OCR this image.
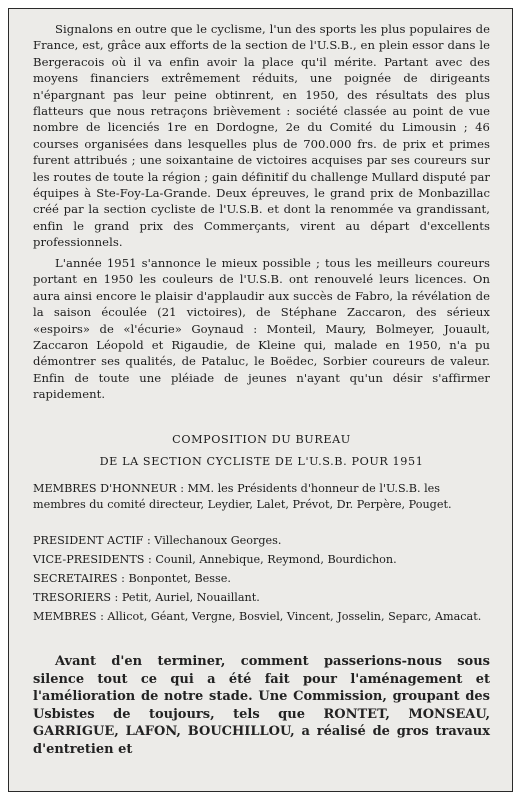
Signalons en outre que le cyclisme, l'un des sports les plus populaires de France, est, grâce aux efforts de la section de l'U.S.B., en plein essor dans le Bergeracois où il va enfin avoir la place qu'il mérite. Partant avec des moyens financiers extrêmement réduits, une poignée de dirigeants n'épargnant pas leur peine obtinrent, en 1950, des résultats des plus flatteurs que nous retraçons brièvement : société classée au point de vue nombre de licenciés 1re en Dordogne, 2e du Comité du Limousin ; 46 courses organisées dans lesquelles plus de 700.000 frs. de prix et primes furent attribués ; une soixantaine de victoires acquises par ses coureurs sur les routes de toute la région ; gain définitif du challenge Mullard disputé par équipes à Ste-Foy-La-Grande. Deux épreuves, le grand prix de Monbazillac créé par la section cycliste de l'U.S.B. et dont la renommée va grandissant, enfin le grand prix des Commerçants, virent au départ d'excellents professionnels.

L'année 1951 s'annonce le mieux possible ; tous les meilleurs coureurs portant en 1950 les couleurs de l'U.S.B. ont renouvelé leurs licences. On aura ainsi encore le plaisir d'applaudir aux succès de Fabro, la révélation de la saison écoulée (21 victoires), de Stéphane Zaccaron, des sérieux «espoirs» de «l'écurie» Goynaud : Monteil, Maury, Bolmeyer, Jouault, Zaccaron Léopold et Rigaudie, de Kleine qui, malade en 1950, n'a pu démontrer ses qualités, de Pataluc, le Boëdec, Sorbier coureurs de valeur. Enfin de toute une pléiade de jeunes n'ayant qu'un désir s'affirmer rapidement.

COMPOSITION DU BUREAU
DE LA SECTION CYCLISTE DE L'U.S.B. POUR 1951
MEMBRES D'HONNEUR : MM. les Présidents d'honneur de l'U.S.B. les membres du comité directeur, Leydier, Lalet, Prévot, Dr. Perpère, Pouget.
PRESIDENT ACTIF : Villechanoux Georges.
VICE-PRESIDENTS : Counil, Annebique, Reymond, Bourdichon.
SECRETAIRES : Bonpontet, Besse.
TRESORIERS : Petit, Auriel, Nouaillant.
MEMBRES : Allicot, Géant, Vergne, Bosviel, Vincent, Josselin, Separc, Amacat.

Avant d'en terminer, comment passerions-nous sous silence tout ce qui a été fait pour l'aménagement et l'amélioration de notre stade. Une Commission, groupant des Usbistes de toujours, tels que RONTET, MONSEAU, GARRIGUE, LAFON, BOUCHILLOU, a réalisé de gros travaux d'entretien et
